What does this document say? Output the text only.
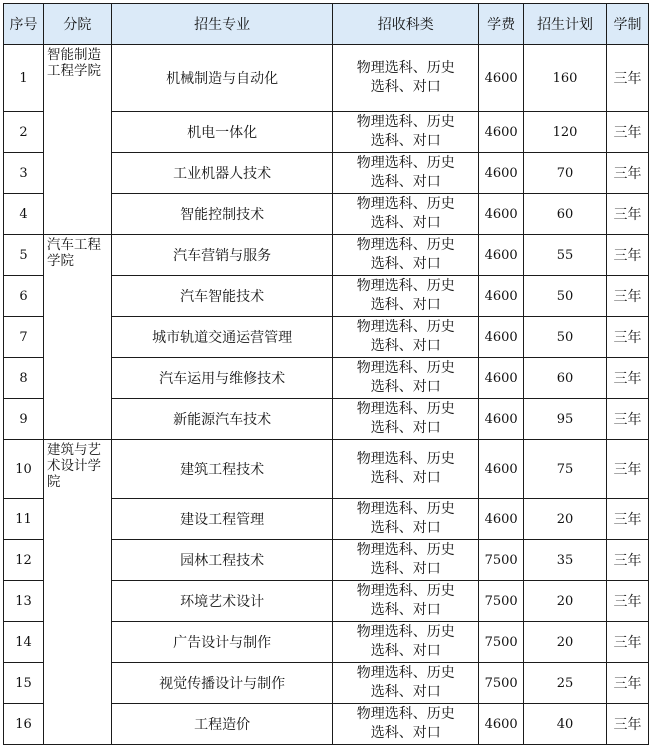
序号	分院	招生专业	招收科类	学费	招生计划	学制
1	智能制造工程学院	机械制造与自动化	物理选科、历史
选科、对口	4600	160	三年
2		机电一体化	物理选科、历史
选科、对口	4600	120	三年
3		工业机器人技术	物理选科、历史
选科、对口	4600	70	三年
4		智能控制技术	物理选科、历史
选科、对口	4600	60	三年
5	汽车工程学院	汽车营销与服务	物理选科、历史
选科、对口	4600	55	三年
6		汽车智能技术	物理选科、历史
选科、对口	4600	50	三年
7		城市轨道交通运营管理	物理选科、历史
选科、对口	4600	50	三年
8		汽车运用与维修技术	物理选科、历史
选科、对口	4600	60	三年
9		新能源汽车技术	物理选科、历史
选科、对口	4600	95	三年
10	建筑与艺术设计学院	建筑工程技术	物理选科、历史
选科、对口	4600	75	三年
11		建设工程管理	物理选科、历史
选科、对口	4600	20	三年
12		园林工程技术	物理选科、历史
选科、对口	7500	35	三年
13		环境艺术设计	物理选科、历史
选科、对口	7500	20	三年
14		广告设计与制作	物理选科、历史
选科、对口	7500	20	三年
15		视觉传播设计与制作	物理选科、历史
选科、对口	7500	25	三年
16		工程造价	物理选科、历史
选科、对口	4600	40	三年
